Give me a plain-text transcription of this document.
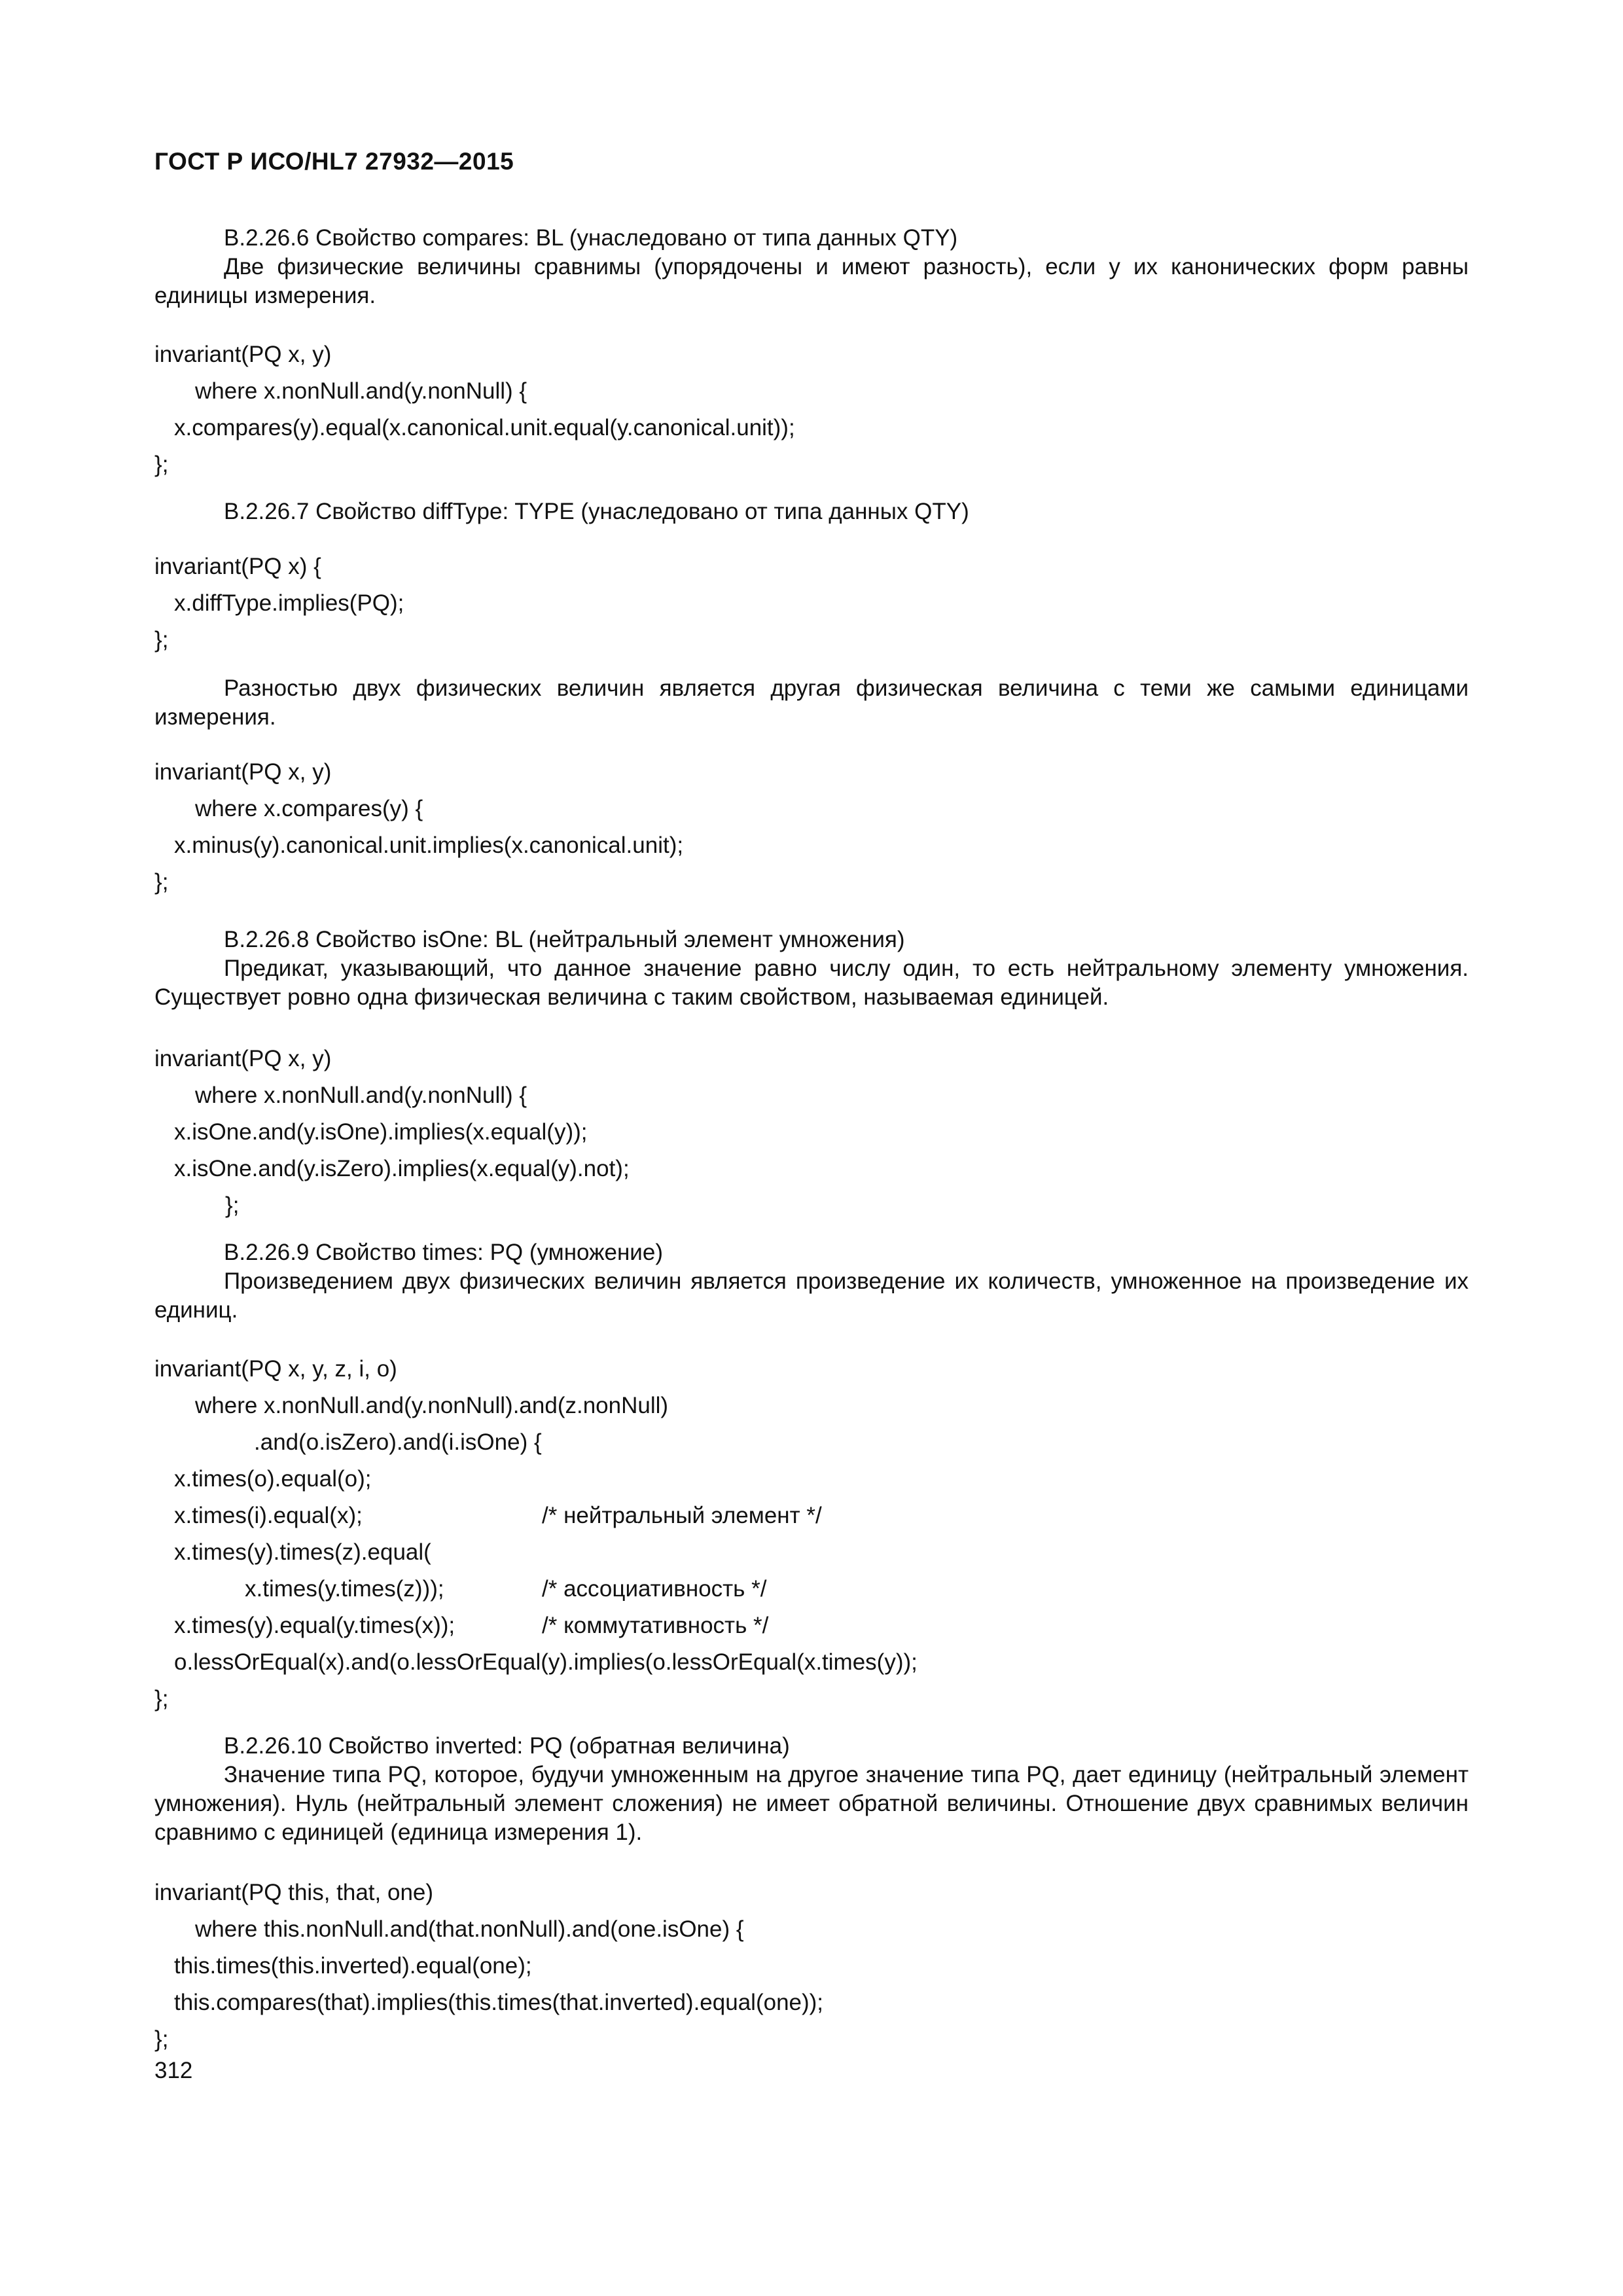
ГОСТ Р ИСО/HL7 27932—2015

B.2.26.6 Свойство compares: BL (унаследовано от типа данных QTY)

Две физические величины сравнимы (упорядочены и имеют разность), если у их канонических форм равны единицы измерения.

invariant(PQ x, y)
where x.nonNull.and(y.nonNull) {
x.compares(y).equal(x.canonical.unit.equal(y.canonical.unit));
};

B.2.26.7 Свойство diffType: TYPE (унаследовано от типа данных QTY)

invariant(PQ x) {
x.diffType.implies(PQ);
};

Разностью двух физических величин является другая физическая величина с теми же самыми единицами измерения.

invariant(PQ x, y)
where x.compares(y) {
x.minus(y).canonical.unit.implies(x.canonical.unit);
};

B.2.26.8 Свойство isOne: BL (нейтральный элемент умножения)

Предикат, указывающий, что данное значение равно числу один, то есть нейтральному элементу умножения. Существует ровно одна физическая величина с таким свойством, называемая единицей.

invariant(PQ x, y)
where x.nonNull.and(y.nonNull) {
x.isOne.and(y.isOne).implies(x.equal(y));
x.isOne.and(y.isZero).implies(x.equal(y).not);
};

B.2.26.9 Свойство times: PQ (умножение)

Произведением двух физических величин является произведение их количеств, умноженное на произведение их единиц.

invariant(PQ x, y, z, i, o)
where x.nonNull.and(y.nonNull).and(z.nonNull)
.and(o.isZero).and(i.isOne) {
x.times(o).equal(o);
x.times(i).equal(x);	/* нейтральный элемент */
x.times(y).times(z).equal(
x.times(y.times(z)));	/* ассоциативность */
x.times(y).equal(y.times(x));	/* коммутативность */
o.lessOrEqual(x).and(o.lessOrEqual(y).implies(o.lessOrEqual(x.times(y));
};

B.2.26.10 Свойство inverted: PQ (обратная величина)

Значение типа PQ, которое, будучи умноженным на другое значение типа PQ, дает единицу (нейтральный элемент умножения). Нуль (нейтральный элемент сложения) не имеет обратной величины. Отношение двух сравнимых величин сравнимо с единицей (единица измерения 1).

invariant(PQ this, that, one)
where this.nonNull.and(that.nonNull).and(one.isOne) {
this.times(this.inverted).equal(one);
this.compares(that).implies(this.times(that.inverted).equal(one));
};
312
